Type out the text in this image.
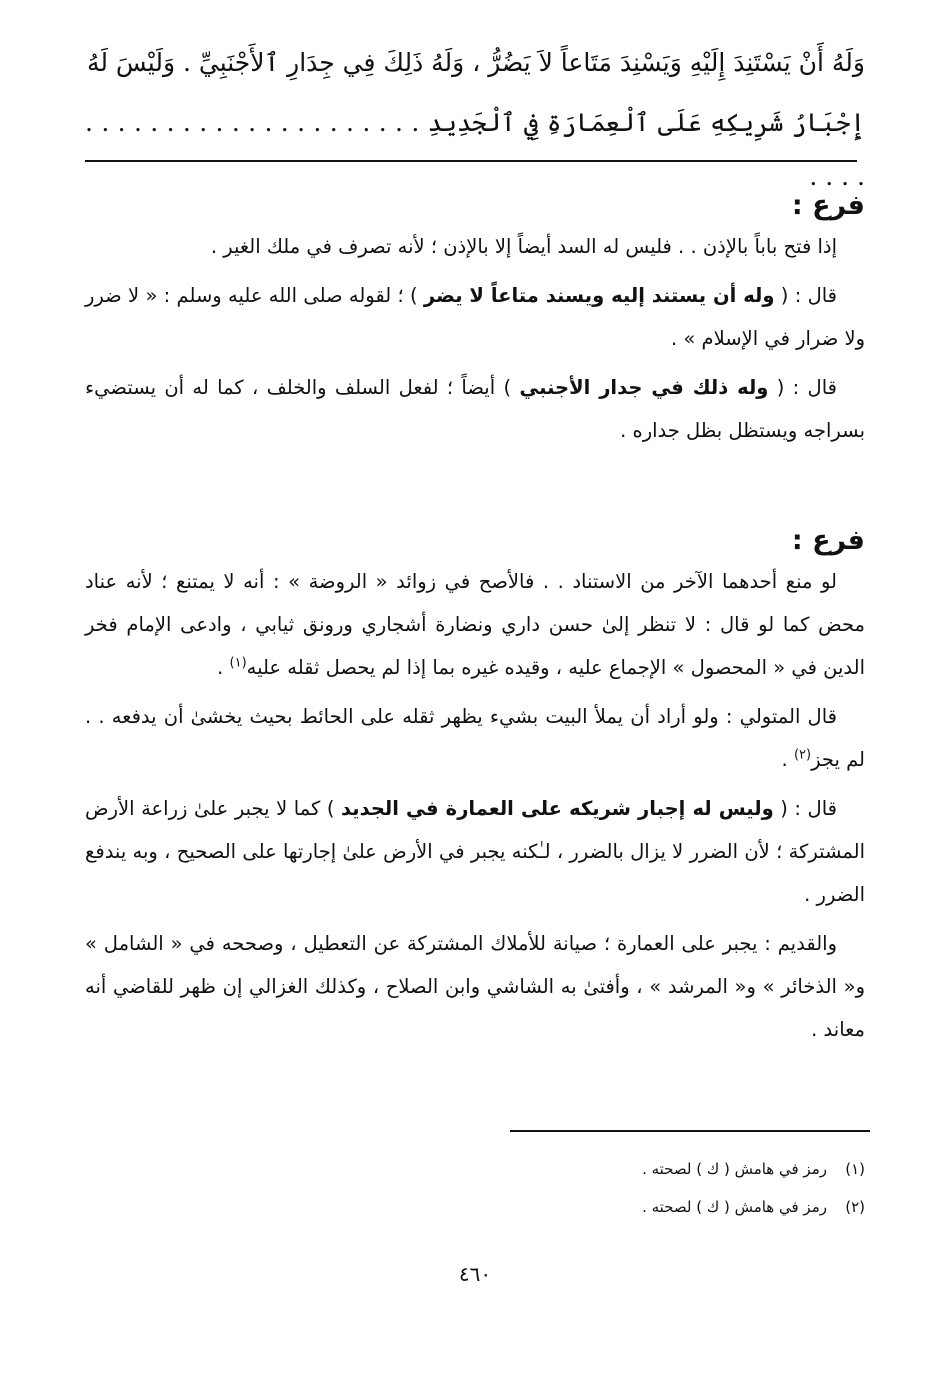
وَلَهُ أَنْ يَسْتَنِدَ إِلَيْهِ وَيَسْنِدَ مَتَاعاً لاَ يَضُرُّ ، وَلَهُ ذَلِكَ فِي جِدَارِ ٱلأَجْنَبِيِّ . وَلَيْسَ لَهُ

إِجْبَارُ شَرِيكِهِ عَلَى ٱلْعِمَارَةِ فِي ٱلْجَدِيدِ . . . . . . . . . . . . . . . . . . . . . . . . .

فرع :

إذا فتح باباً بالإذن . . فليس له السد أيضاً إلا بالإذن ؛ لأنه تصرف في ملك الغير .

قال : ( وله أن يستند إليه ويسند متاعاً لا يضر ) ؛ لقوله صلى الله عليه وسلم : « لا ضرر ولا ضرار في الإسلام » .

قال : ( وله ذلك في جدار الأجنبي ) أيضاً ؛ لفعل السلف والخلف ، كما له أن يستضيء بسراجه ويستظل بظل جداره .

فرع :

لو منع أحدهما الآخر من الاستناد . . فالأصح في زوائد « الروضة » : أنه لا يمتنع ؛ لأنه عناد محض كما لو قال : لا تنظر إلىٰ حسن داري ونضارة أشجاري ورونق ثيابي ، وادعى الإمام فخر الدين في « المحصول » الإجماع عليه ، وقيده غيره بما إذا لم يحصل ثقله عليه$^{(١)}$ .

قال المتولي : ولو أراد أن يملأ البيت بشيء يظهر ثقله على الحائط بحيث يخشىٰ أن يدفعه . . لم يجز$^{(٢)}$ .

قال : ( وليس له إجبار شريكه على العمارة في الجديد ) كما لا يجبر علىٰ زراعة الأرض المشتركة ؛ لأن الضرر لا يزال بالضرر ، لـٰكنه يجبر في الأرض علىٰ إجارتها على الصحيح ، وبه يندفع الضرر .

والقديم : يجبر على العمارة ؛ صيانة للأملاك المشتركة عن التعطيل ، وصححه في « الشامل » و« الذخائر » و« المرشد » ، وأفتىٰ به الشاشي وابن الصلاح ، وكذلك الغزالي إن ظهر للقاضي أنه معاند .

(١)رمز في هامش ( ك ) لصحته .
(٢)رمز في هامش ( ك ) لصحته .
٤٦٠
